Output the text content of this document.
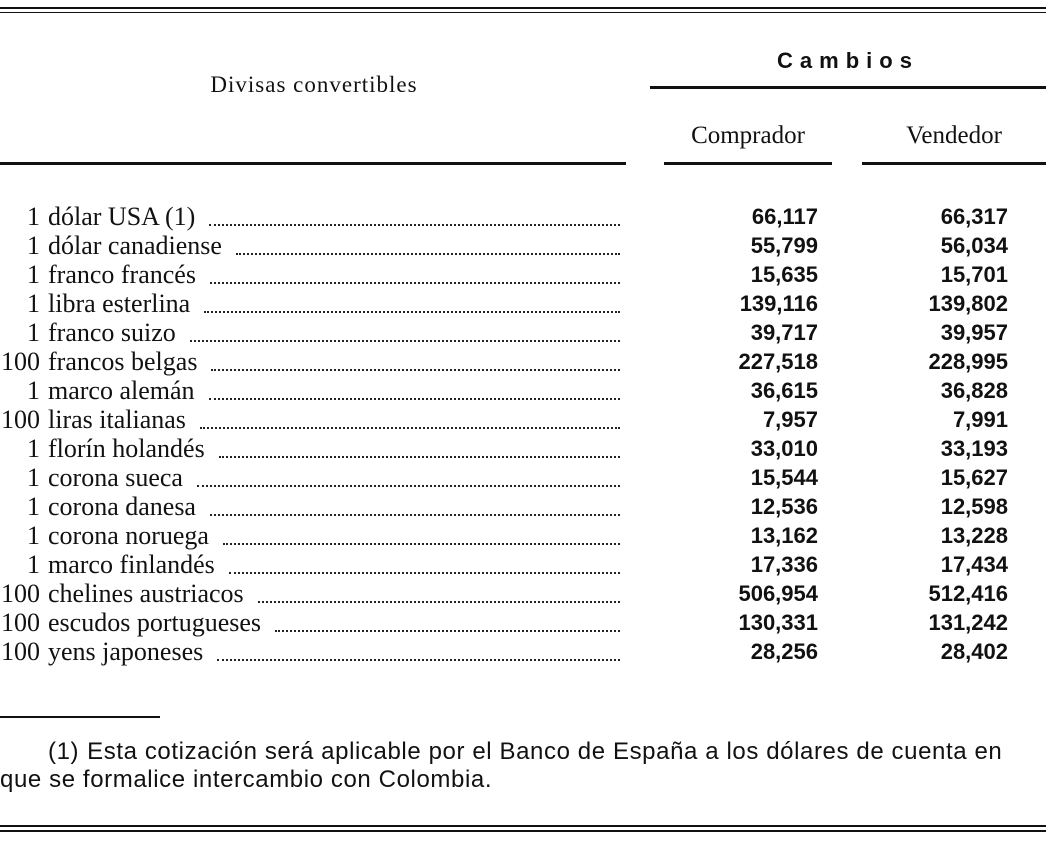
Divisas convertibles
Cambios
Comprador	Vendedor
1 dólar USA (1)	66,117	66,317
1 dólar canadiense	55,799	56,034
1 franco francés	15,635	15,701
1 libra esterlina	139,116	139,802
1 franco suizo	39,717	39,957
100 francos belgas	227,518	228,995
1 marco alemán	36,615	36,828
100 liras italianas	7,957	7,991
1 florín holandés	33,010	33,193
1 corona sueca	15,544	15,627
1 corona danesa	12,536	12,598
1 corona noruega	13,162	13,228
1 marco finlandés	17,336	17,434
100 chelines austriacos	506,954	512,416
100 escudos portugueses	130,331	131,242
100 yens japoneses	28,256	28,402
(1) Esta cotización será aplicable por el Banco de España a los dólares de cuenta en que se formalice intercambio con Colombia.
